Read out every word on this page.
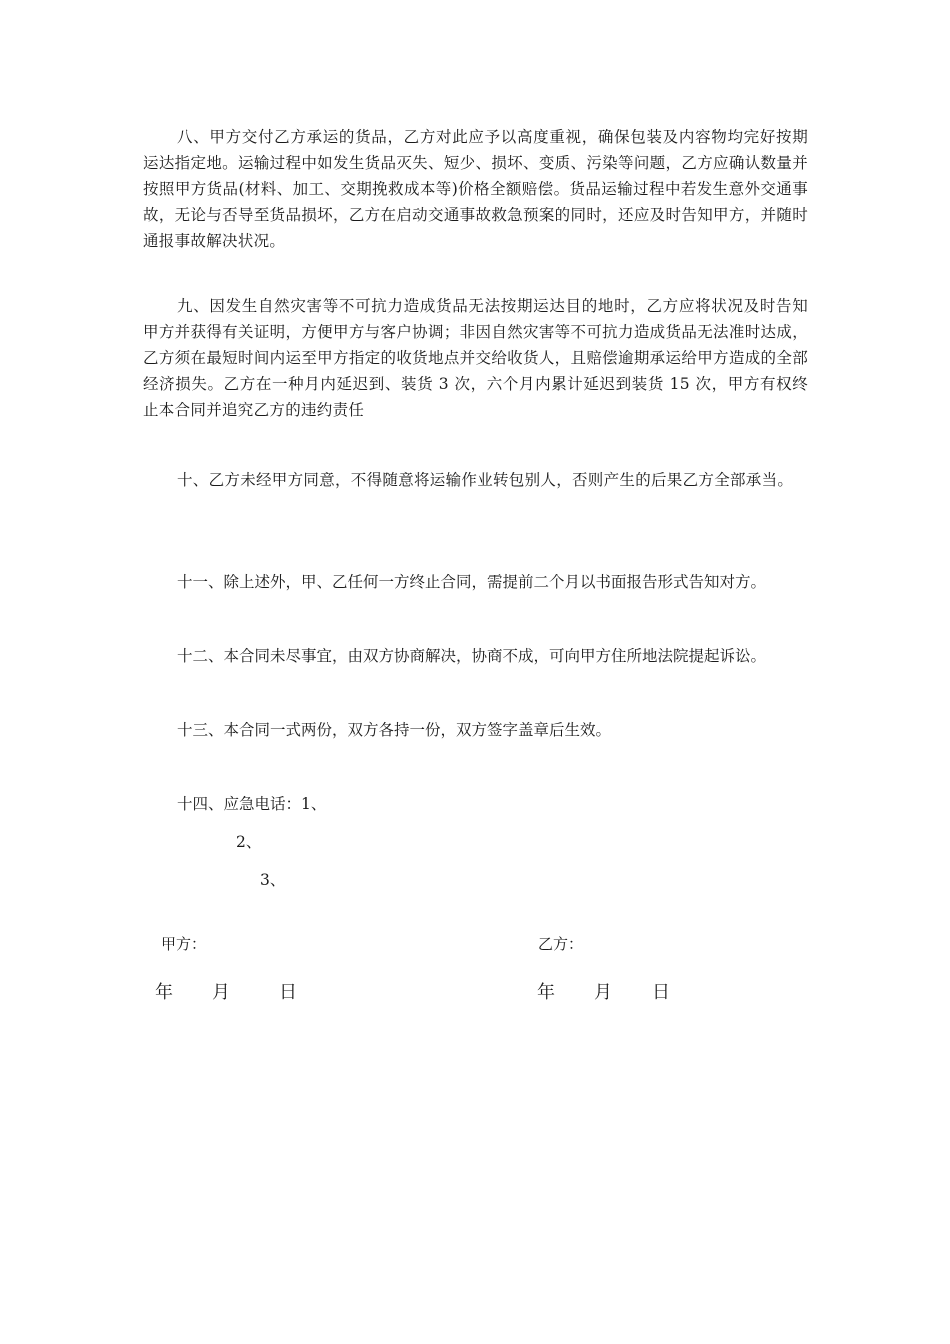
八、甲方交付乙方承运的货品，乙方对此应予以高度重视，确保包装及内容物均完好按期运达指定地。运输过程中如发生货品灭失、短少、损坏、变质、污染等问题，乙方应确认数量并按照甲方货品(材料、加工、交期挽救成本等)价格全额赔偿。货品运输过程中若发生意外交通事故，无论与否导至货品损坏，乙方在启动交通事故救急预案的同时，还应及时告知甲方，并随时通报事故解决状况。

九、因发生自然灾害等不可抗力造成货品无法按期运达目的地时，乙方应将状况及时告知甲方并获得有关证明，方便甲方与客户协调；非因自然灾害等不可抗力造成货品无法准时达成，乙方须在最短时间内运至甲方指定的收货地点并交给收货人，且赔偿逾期承运给甲方造成的全部经济损失。乙方在一种月内延迟到、装货 3 次，六个月内累计延迟到装货 15 次，甲方有权终止本合同并追究乙方的违约责任

十、乙方未经甲方同意，不得随意将运输作业转包别人，否则产生的后果乙方全部承当。

十一、除上述外，甲、乙任何一方终止合同，需提前二个月以书面报告形式告知对方。

十二、本合同未尽事宜，由双方协商解决，协商不成，可向甲方住所地法院提起诉讼。

十三、本合同一式两份，双方各持一份，双方签字盖章后生效。

十四、应急电话：1、

2、

3、

甲方：	乙方：
年 月	日	年 月 日
